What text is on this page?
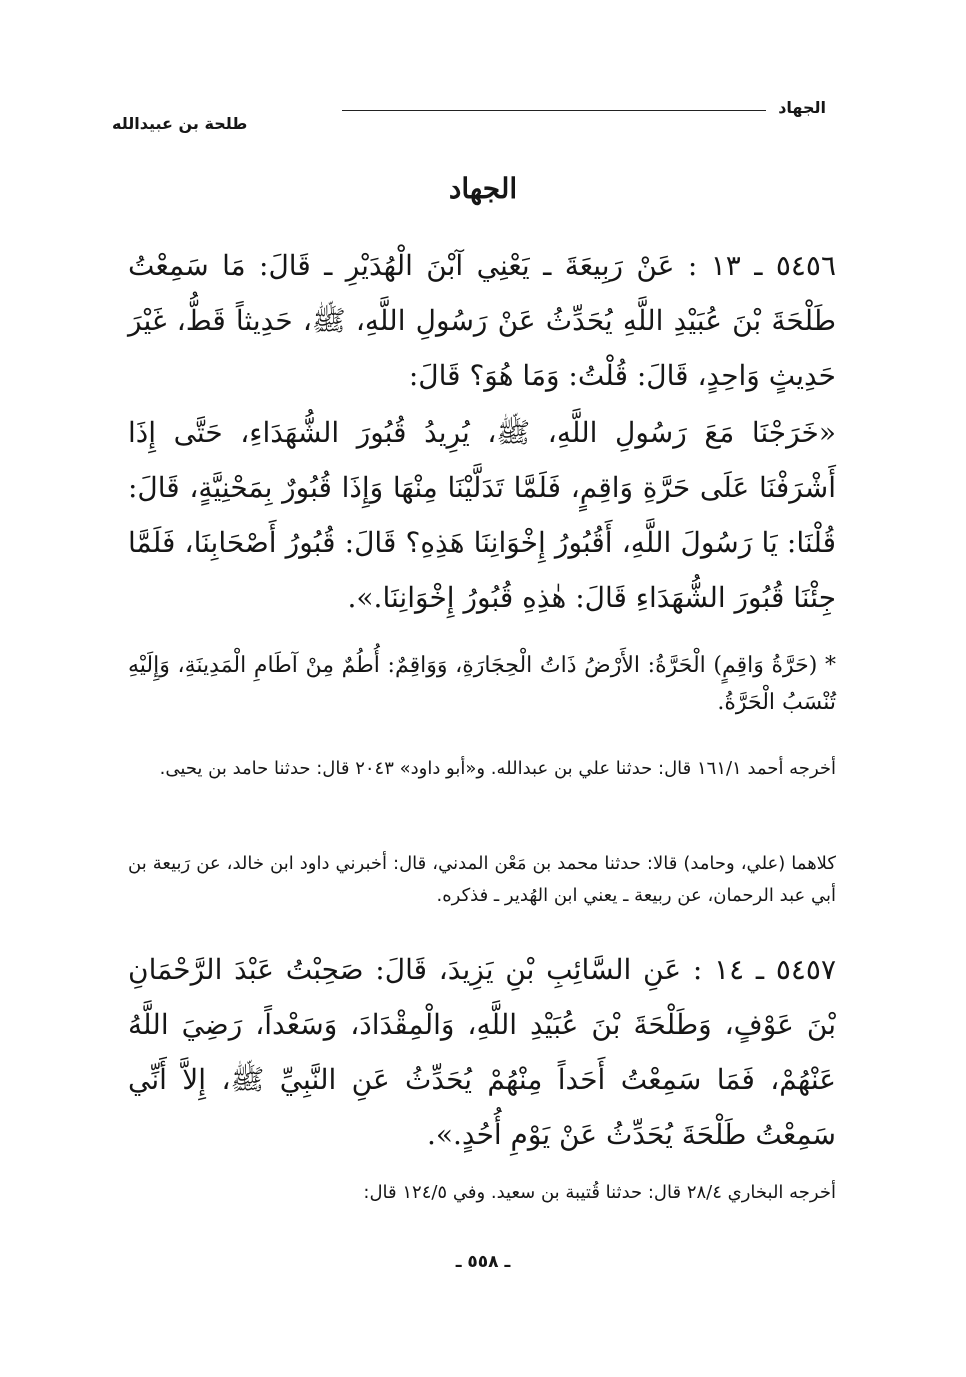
الجهاد
طلحة بن عبيدالله
الجهاد
٥٤٥٦ ـ ١٣ : عَنْ رَبِيعَةَ ـ يَعْنِي آبْنَ الْهُدَيْرِ ـ قَالَ: مَا سَمِعْتُ طَلْحَةَ بْنَ عُبَيْدِ اللَّهِ يُحَدِّثُ عَنْ رَسُولِ اللَّهِ، ﷺ، حَدِيثاً قَطُّ، غَيْرَ حَدِيثٍ وَاحِدٍ، قَالَ: قُلْتُ: وَمَا هُوَ؟ قَالَ:
«خَرَجْنَا مَعَ رَسُولِ اللَّهِ، ﷺ، يُرِيدُ قُبُورَ الشُّهَدَاءِ، حَتَّى إِذَا أَشْرَفْنَا عَلَى حَرَّةِ وَاقِمٍ، فَلَمَّا تَدَلَّيْنَا مِنْهَا وَإِذَا قُبُورٌ بِمَحْنِيَّةٍ، قَالَ: قُلْنَا: يَا رَسُولَ اللَّهِ، أَقُبُورُ إِخْوَانِنَا هَذِهِ؟ قَالَ: قُبُورُ أَصْحَابِنَا، فَلَمَّا جِئْنَا قُبُورَ الشُّهَدَاءِ قَالَ: هٰذِهِ قُبُورُ إِخْوَانِنَا.».
* (حَرَّةُ وَاقِمٍ) الْحَرَّةُ: الأَرْضُ ذَاتُ الْحِجَارَةِ، وَوَاقِمٌ: أُطُمٌ مِنْ آطَامِ الْمَدِينَةِ، وَإِلَيْهِ تُنْسَبُ الْحَرَّةُ.
أخرجه أحمد ١٦١/١ قال: حدثنا علي بن عبدالله. و«أبو داود» ٢٠٤٣ قال: حدثنا حامد بن يحيى.
كلاهما (علي، وحامد) قالا: حدثنا محمد بن مَعْن المدني، قال: أخبرني داود ابن خالد، عن رَبيعة بن أبي عبد الرحمان، عن ربيعة ـ يعني ابن الهُدير ـ فذكره.
٥٤٥٧ ـ ١٤ : عَنِ السَّائِبِ بْنِ يَزِيدَ، قَالَ: صَحِبْتُ عَبْدَ الرَّحْمَانِ بْنَ عَوْفٍ، وَطَلْحَةَ بْنَ عُبَيْدِ اللَّهِ، وَالْمِقْدَادَ، وَسَعْداً، رَضِيَ اللَّهُ عَنْهُمْ، فَمَا سَمِعْتُ أَحَداً مِنْهُمْ يُحَدِّثُ عَنِ النَّبِيِّ ﷺ، إِلاَّ أَنِّي سَمِعْتُ طَلْحَةَ يُحَدِّثُ عَنْ يَوْمِ أُحُدٍ.».
أخرجه البخاري ٢٨/٤ قال: حدثنا قُتيبة بن سعيد. وفي ١٢٤/٥ قال:
ـ ٥٥٨ ـ
